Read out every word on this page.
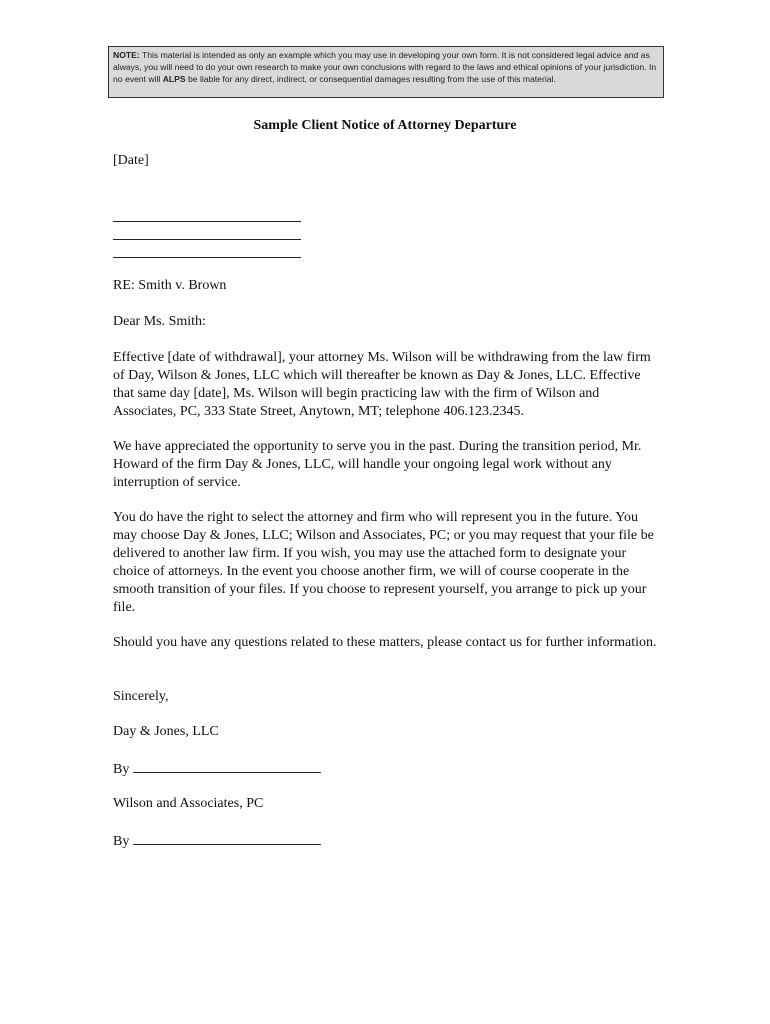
NOTE: This material is intended as only an example which you may use in developing your own form. It is not considered legal advice and as always, you will need to do your own research to make your own conclusions with regard to the laws and ethical opinions of your jurisdiction. In no event will ALPS be liable for any direct, indirect, or consequential damages resulting from the use of this material.
Sample Client Notice of Attorney Departure
[Date]
RE: Smith v. Brown
Dear Ms. Smith:
Effective [date of withdrawal], your attorney Ms. Wilson will be withdrawing from the law firm of Day, Wilson & Jones, LLC which will thereafter be known as Day & Jones, LLC. Effective that same day [date], Ms. Wilson will begin practicing law with the firm of Wilson and Associates, PC, 333 State Street, Anytown, MT; telephone 406.123.2345.
We have appreciated the opportunity to serve you in the past. During the transition period, Mr. Howard of the firm Day & Jones, LLC, will handle your ongoing legal work without any interruption of service.
You do have the right to select the attorney and firm who will represent you in the future. You may choose Day & Jones, LLC; Wilson and Associates, PC; or you may request that your file be delivered to another law firm. If you wish, you may use the attached form to designate your choice of attorneys. In the event you choose another firm, we will of course cooperate in the smooth transition of your files. If you choose to represent yourself, you arrange to pick up your file.
Should you have any questions related to these matters, please contact us for further information.
Sincerely,
Day & Jones, LLC
By
Wilson and Associates, PC
By
